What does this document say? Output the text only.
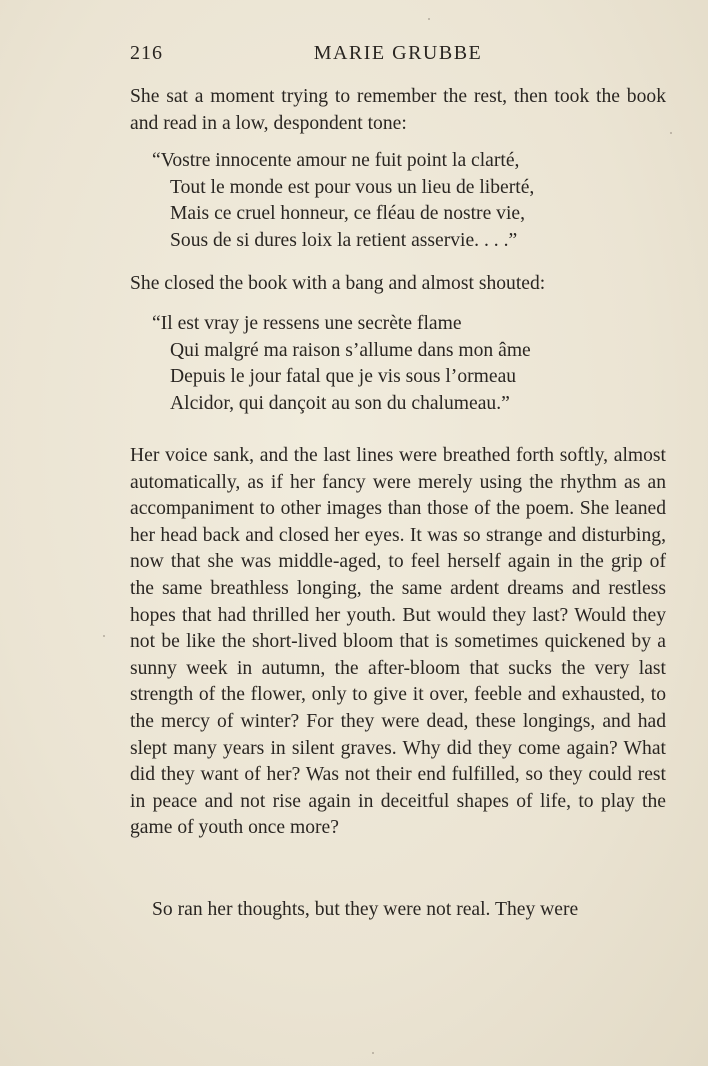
216	MARIE GRUBBE

She sat a moment trying to remember the rest, then took the book and read in a low, despondent tone:

“Vostre innocente amour ne fuit point la clarté,
Tout le monde est pour vous un lieu de liberté,
Mais ce cruel honneur, ce fléau de nostre vie,
Sous de si dures loix la retient asservie. . . .”

She closed the book with a bang and almost shouted:

“Il est vray je ressens une secrète flame
Qui malgré ma raison s’allume dans mon âme
Depuis le jour fatal que je vis sous l’ormeau
Alcidor, qui dançoit au son du chalumeau.”

Her voice sank, and the last lines were breathed forth softly, almost automatically, as if her fancy were merely using the rhythm as an accompaniment to other images than those of the poem. She leaned her head back and closed her eyes. It was so strange and disturbing, now that she was middle-aged, to feel herself again in the grip of the same breathless longing, the same ardent dreams and restless hopes that had thrilled her youth. But would they last? Would they not be like the short-lived bloom that is sometimes quickened by a sunny week in autumn, the after-bloom that sucks the very last strength of the flower, only to give it over, feeble and exhausted, to the mercy of winter? For they were dead, these longings, and had slept many years in silent graves. Why did they come again? What did they want of her? Was not their end fulfilled, so they could rest in peace and not rise again in deceitful shapes of life, to play the game of youth once more?

So ran her thoughts, but they were not real. They were
